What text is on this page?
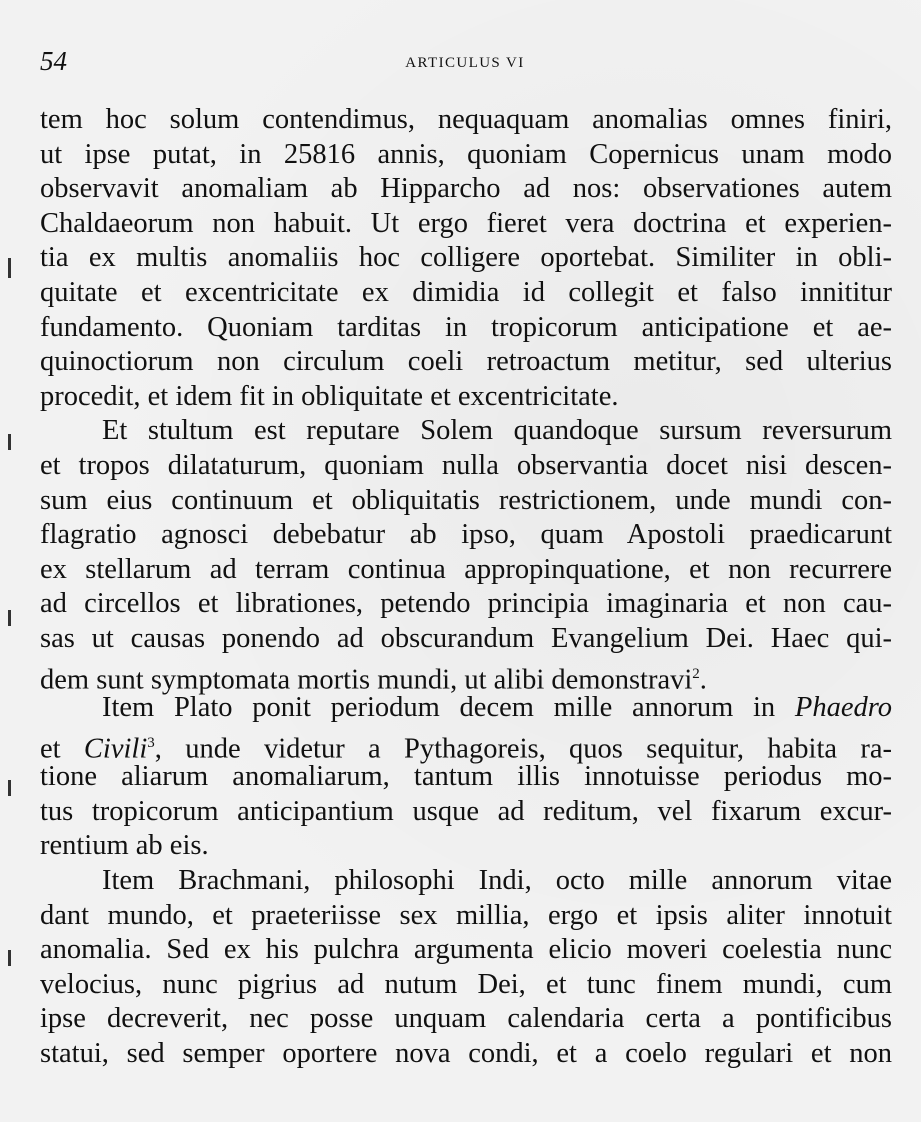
54	ARTICULUS VI
tem hoc solum contendimus, nequaquam anomalias omnes finiri,
ut ipse putat, in 25816 annis, quoniam Copernicus unam modo
observavit anomaliam ab Hipparcho ad nos: observationes autem
Chaldaeorum non habuit. Ut ergo fieret vera doctrina et experien-
tia ex multis anomaliis hoc colligere oportebat. Similiter in obli-
quitate et excentricitate ex dimidia id collegit et falso innititur
fundamento. Quoniam tarditas in tropicorum anticipatione et ae-
quinoctiorum non circulum coeli retroactum metitur, sed ulterius
procedit, et idem fit in obliquitate et excentricitate.
Et stultum est reputare Solem quandoque sursum reversurum
et tropos dilataturum, quoniam nulla observantia docet nisi descen-
sum eius continuum et obliquitatis restrictionem, unde mundi con-
flagratio agnosci debebatur ab ipso, quam Apostoli praedicarunt
ex stellarum ad terram continua appropinquatione, et non recurrere
ad circellos et librationes, petendo principia imaginaria et non cau-
sas ut causas ponendo ad obscurandum Evangelium Dei. Haec qui-
dem sunt symptomata mortis mundi, ut alibi demonstravi$^2$.
Item Plato ponit periodum decem mille annorum in Phaedro
et Civili$^3$, unde videtur a Pythagoreis, quos sequitur, habita ra-
tione aliarum anomaliarum, tantum illis innotuisse periodus mo-
tus tropicorum anticipantium usque ad reditum, vel fixarum excur-
rentium ab eis.
Item Brachmani, philosophi Indi, octo mille annorum vitae
dant mundo, et praeteriisse sex millia, ergo et ipsis aliter innotuit
anomalia. Sed ex his pulchra argumenta elicio moveri coelestia nunc
velocius, nunc pigrius ad nutum Dei, et tunc finem mundi, cum
ipse decreverit, nec posse unquam calendaria certa a pontificibus
statui, sed semper oportere nova condi, et a coelo regulari et non
